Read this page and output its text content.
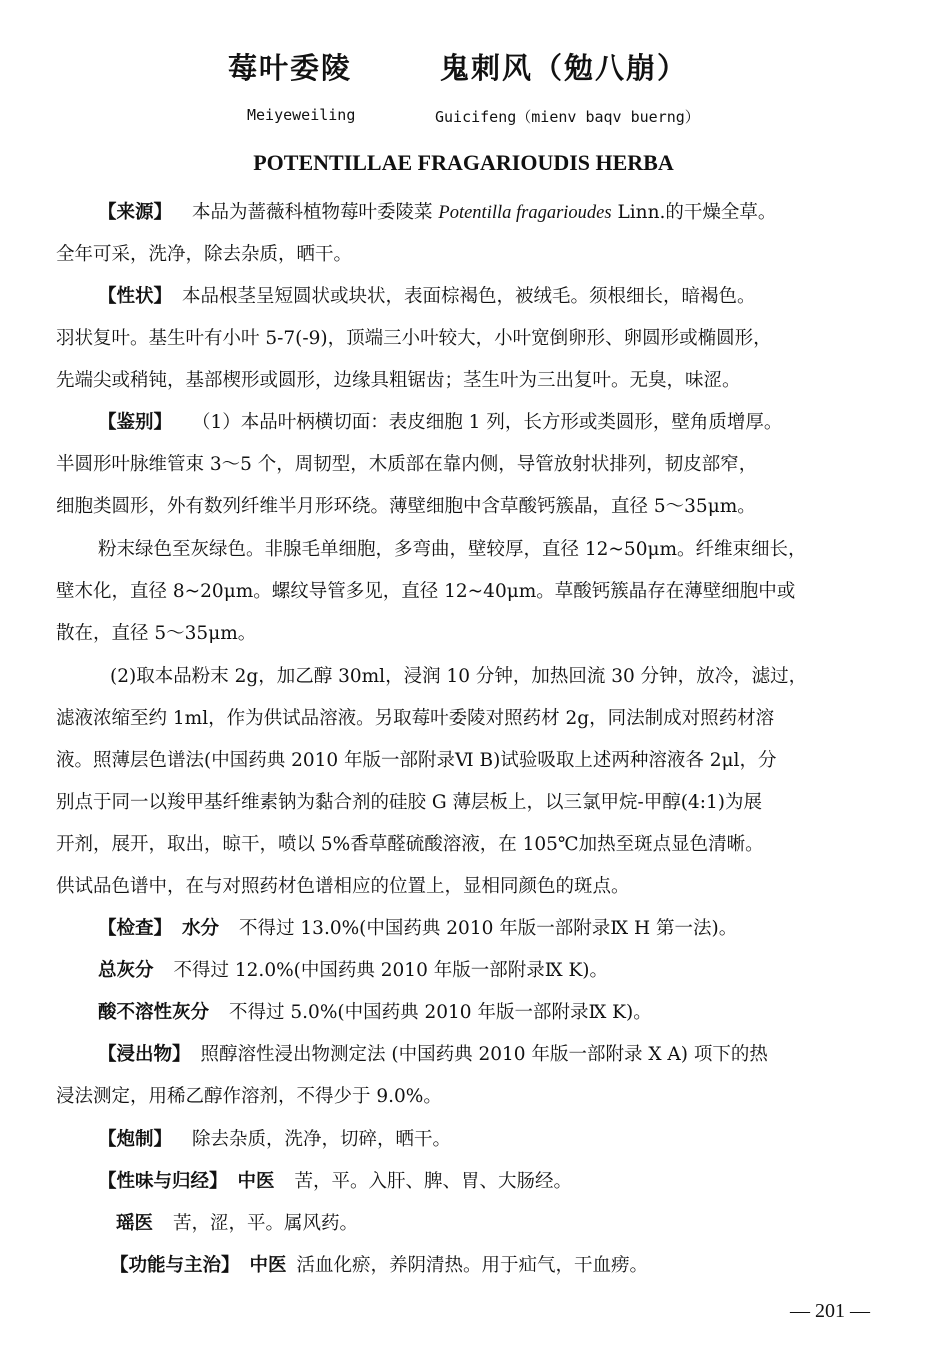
莓叶委陵	鬼刺风（勉八崩）
Meiyeweiling	Guicifeng（mienv baqv buerng）
POTENTILLAE FRAGARIOUDIS HERBA
【来源】 本品为蔷薇科植物莓叶委陵菜 Potentilla fragarioudes Linn.的干燥全草。
全年可采，洗净，除去杂质，晒干。
【性状】 本品根茎呈短圆状或块状，表面棕褐色，被绒毛。须根细长，暗褐色。
羽状复叶。基生叶有小叶 5-7(-9)，顶端三小叶较大，小叶宽倒卵形、卵圆形或椭圆形，
先端尖或稍钝，基部楔形或圆形，边缘具粗锯齿；茎生叶为三出复叶。无臭，味涩。
【鉴别】 （1）本品叶柄横切面：表皮细胞 1 列，长方形或类圆形，壁角质增厚。
半圆形叶脉维管束 3～5 个，周韧型，木质部在靠内侧，导管放射状排列，韧皮部窄，
细胞类圆形，外有数列纤维半月形环绕。薄壁细胞中含草酸钙簇晶，直径 5～35μm。
粉末绿色至灰绿色。非腺毛单细胞，多弯曲，壁较厚，直径 12~50μm。纤维束细长，
壁木化，直径 8~20μm。螺纹导管多见，直径 12~40μm。草酸钙簇晶存在薄壁细胞中或
散在，直径 5～35μm。
(2)取本品粉末 2g，加乙醇 30ml，浸润 10 分钟，加热回流 30 分钟，放冷，滤过，
滤液浓缩至约 1ml，作为供试品溶液。另取莓叶委陵对照药材 2g，同法制成对照药材溶
液。照薄层色谱法(中国药典 2010 年版一部附录Ⅵ B)试验吸取上述两种溶液各 2μl，分
别点于同一以羧甲基纤维素钠为黏合剂的硅胶 G 薄层板上，以三氯甲烷-甲醇(4:1)为展
开剂，展开，取出，晾干，喷以 5%香草醛硫酸溶液，在 105℃加热至斑点显色清晰。
供试品色谱中，在与对照药材色谱相应的位置上，显相同颜色的斑点。
【检查】 水分 不得过 13.0%(中国药典 2010 年版一部附录Ⅸ H 第一法)。
总灰分 不得过 12.0%(中国药典 2010 年版一部附录Ⅸ K)。
酸不溶性灰分 不得过 5.0%(中国药典 2010 年版一部附录Ⅸ K)。
【浸出物】 照醇溶性浸出物测定法 (中国药典 2010 年版一部附录 X A) 项下的热
浸法测定，用稀乙醇作溶剂，不得少于 9.0%。
【炮制】 除去杂质，洗净，切碎，晒干。
【性味与归经】 中医 苦，平。入肝、脾、胃、大肠经。
瑶医 苦，涩，平。属风药。
【功能与主治】 中医 活血化瘀，养阴清热。用于疝气，干血痨。
— 201 —
